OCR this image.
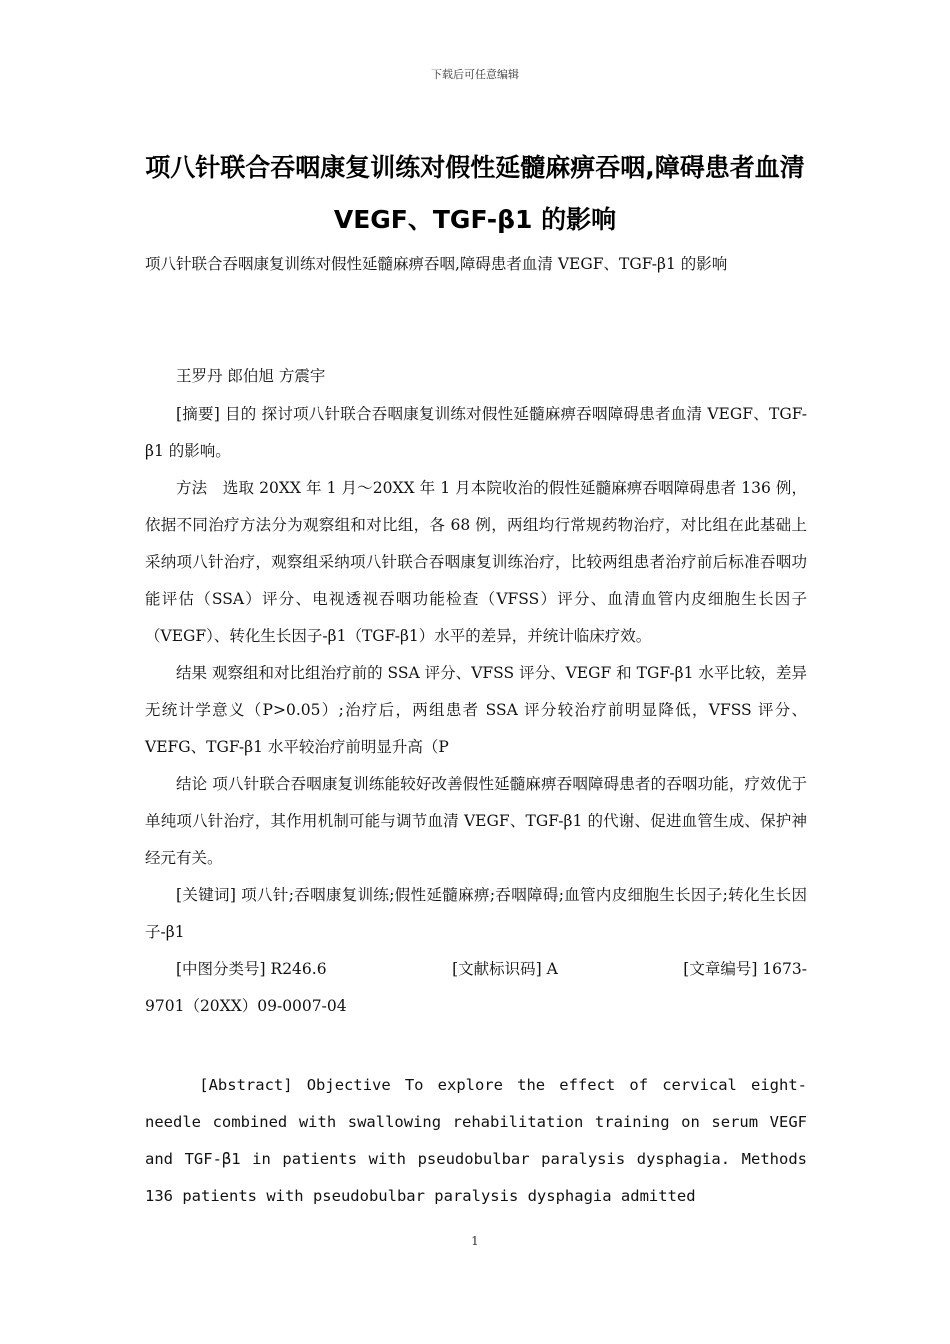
下载后可任意编辑
项八针联合吞咽康复训练对假性延髓麻痹吞咽,障碍患者血清 VEGF、TGF-β1 的影响

项八针联合吞咽康复训练对假性延髓麻痹吞咽,障碍患者血清 VEGF、TGF-β1 的影响

王罗丹 郎伯旭 方震宇

[摘要] 目的 探讨项八针联合吞咽康复训练对假性延髓麻痹吞咽障碍患者血清 VEGF、TGF-β1 的影响。

方法　选取 20XX 年 1 月～20XX 年 1 月本院收治的假性延髓麻痹吞咽障碍患者 136 例，依据不同治疗方法分为观察组和对比组，各 68 例，两组均行常规药物治疗，对比组在此基础上采纳项八针治疗，观察组采纳项八针联合吞咽康复训练治疗，比较两组患者治疗前后标准吞咽功能评估（SSA）评分、电视透视吞咽功能检查（VFSS）评分、血清血管内皮细胞生长因子（VEGF）、转化生长因子-β1（TGF-β1）水平的差异，并统计临床疗效。

结果 观察组和对比组治疗前的 SSA 评分、VFSS 评分、VEGF 和 TGF-β1 水平比较，差异无统计学意义（P>0.05）;治疗后，两组患者 SSA 评分较治疗前明显降低，VFSS 评分、VEFG、TGF-β1 水平较治疗前明显升高（P

结论 项八针联合吞咽康复训练能较好改善假性延髓麻痹吞咽障碍患者的吞咽功能，疗效优于单纯项八针治疗，其作用机制可能与调节血清 VEGF、TGF-β1 的代谢、促进血管生成、保护神经元有关。

[关键词] 项八针;吞咽康复训练;假性延髓麻痹;吞咽障碍;血管内皮细胞生长因子;转化生长因子-β1

[中图分类号] R246.6	[文献标识码] A	[文章编号] 1673-

9701（20XX）09-0007-04

[Abstract] Objective To explore the effect of cervical eight-needle combined with swallowing rehabilitation training on serum VEGF and TGF-β1 in patients with pseudobulbar paralysis dysphagia. Methods 136 patients with pseudobulbar paralysis dysphagia admitted

1
